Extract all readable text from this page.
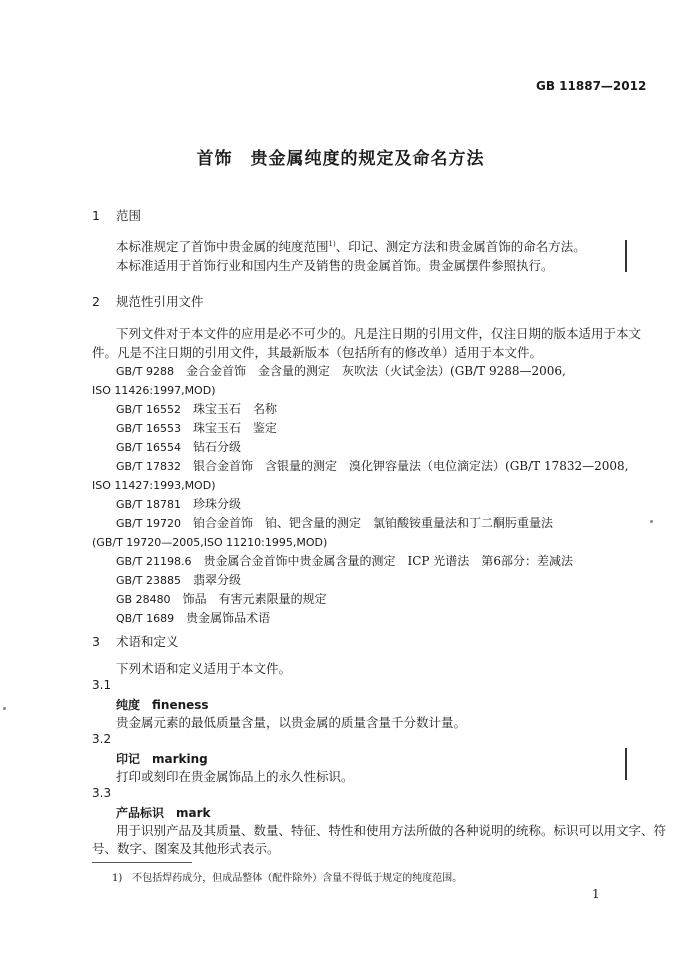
GB 11887—2012
首饰　贵金属纯度的规定及命名方法
1 范围
本标准规定了首饰中贵金属的纯度范围$^{1)}$、印记、测定方法和贵金属首饰的命名方法。
本标准适用于首饰行业和国内生产及销售的贵金属首饰。贵金属摆件参照执行。
2 规范性引用文件
下列文件对于本文件的应用是必不可少的。凡是注日期的引用文件，仅注日期的版本适用于本文
件。凡是不注日期的引用文件，其最新版本（包括所有的修改单）适用于本文件。
GB/T 9288　 金合金首饰　金含量的测定　灰吹法（火试金法）(GB/T 9288—2006,
ISO 11426:1997,MOD)
GB/T 16552　 珠宝玉石　名称
GB/T 16553　 珠宝玉石　鉴定
GB/T 16554　 钻石分级
GB/T 17832　 银合金首饰　含银量的测定　溴化钾容量法（电位滴定法）(GB/T 17832—2008,
ISO 11427:1993,MOD)
GB/T 18781　 珍珠分级
GB/T 19720　 铂合金首饰　铂、钯含量的测定　氯铂酸铵重量法和丁二酮肟重量法
(GB/T 19720—2005,ISO 11210:1995,MOD)
GB/T 21198.6　 贵金属合金首饰中贵金属含量的测定　ICP 光谱法　第6部分：差减法
GB/T 23885　 翡翠分级
GB 28480　 饰品　有害元素限量的规定
QB/T 1689　 贵金属饰品术语
3 术语和定义
下列术语和定义适用于本文件。
3.1
纯度　fineness
贵金属元素的最低质量含量，以贵金属的质量含量千分数计量。
3.2
印记　marking
打印或刻印在贵金属饰品上的永久性标识。
3.3
产品标识　mark
用于识别产品及其质量、数量、特征、特性和使用方法所做的各种说明的统称。标识可以用文字、符
号、数字、图案及其他形式表示。
1)　 不包括焊药成分，但成品整体（配件除外）含量不得低于规定的纯度范围。
1
